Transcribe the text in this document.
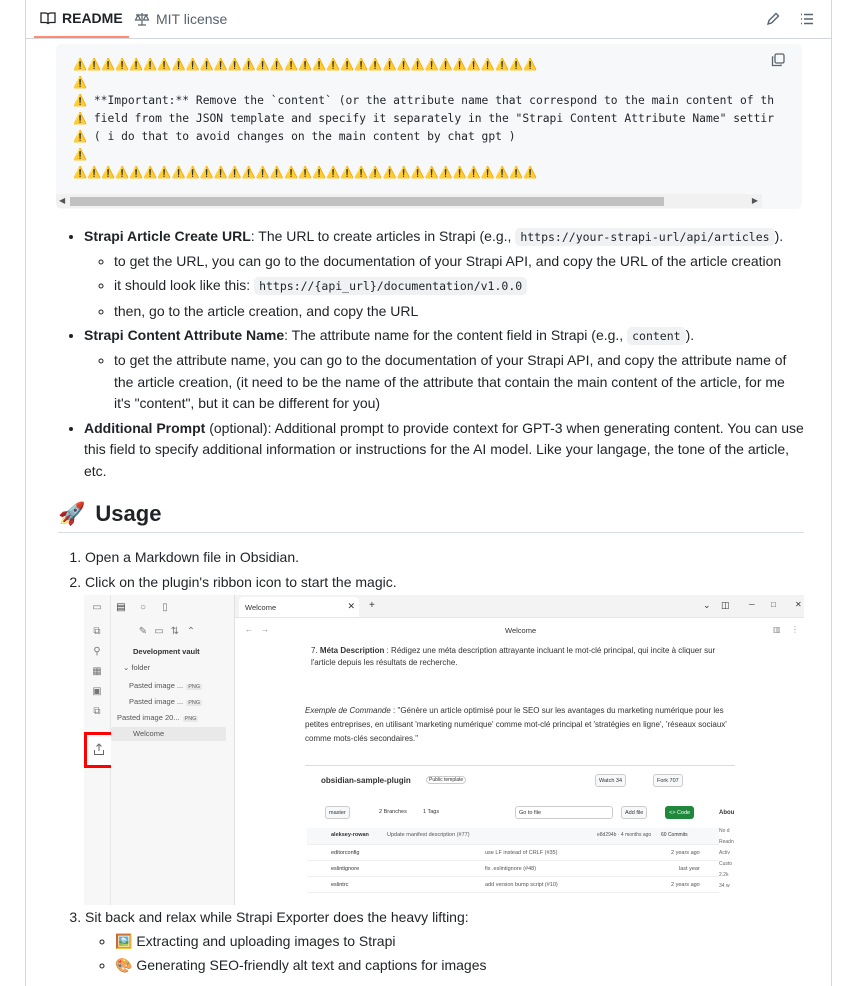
README MIT license
⚠️⚠️⚠️⚠️⚠️⚠️⚠️⚠️⚠️⚠️⚠️⚠️⚠️⚠️⚠️⚠️⚠️⚠️⚠️⚠️⚠️⚠️⚠️⚠️⚠️⚠️⚠️⚠️⚠️⚠️⚠️⚠️⚠️
⚠️
⚠️ **Important:** Remove the `content` (or the attribute name that correspond to the main content of th
⚠️ field from the JSON template and specify it separately in the "Strapi Content Attribute Name" settir
⚠️ ( i do that to avoid changes on the main content by chat gpt )
⚠️
⚠️⚠️⚠️⚠️⚠️⚠️⚠️⚠️⚠️⚠️⚠️⚠️⚠️⚠️⚠️⚠️⚠️⚠️⚠️⚠️⚠️⚠️⚠️⚠️⚠️⚠️⚠️⚠️⚠️⚠️⚠️⚠️⚠️
◀	▶
• Strapi Article Create URL: The URL to create articles in Strapi (e.g., https://your-strapi-url/api/articles ).
◦ to get the URL, you can go to the documentation of your Strapi API, and copy the URL of the article creation
◦ it should look like this: https://{api_url}/documentation/v1.0.0
◦ then, go to the article creation, and copy the URL
• Strapi Content Attribute Name: The attribute name for the content field in Strapi (e.g., content ).
◦ to get the attribute name, you can go to the documentation of your Strapi API, and copy the attribute name of the article creation, (it need to be the name of the attribute that contain the main content of the article, for me it's "content", but it can be different for you)
• Additional Prompt (optional): Additional prompt to provide context for GPT-3 when generating content. You can use this field to specify additional information or instructions for the AI model. Like your langage, the tone of the article, etc.
🚀 Usage
1. Open a Markdown file in Obsidian.
2. Click on the plugin's ribbon icon to start the magic.
3. Sit back and relax while Strapi Exporter does the heavy lifting:
◦ 🖼️ Extracting and uploading images to Strapi
◦ 🎨 Generating SEO-friendly alt text and captions for images
▭
⧉
⚲
▦
▣
⧉
▤ ○	▯
✎ ▭ ⇅ ⌃
Development vault
⌄ folder
Pasted image ... PNG
Pasted image ... PNG
Pasted image 20... PNG
Welcome
Welcome	✕ +	⌄ ◫ ─ □ ✕
← →	Welcome	▥ ⋮
7. Méta Description : Rédigez une méta description attrayante incluant le mot-clé principal, qui incite à cliquer sur l'article depuis les résultats de recherche.
Exemple de Commande : "Génère un article optimisé pour le SEO sur les avantages du marketing numérique pour les petites entreprises, en utilisant 'marketing numérique' comme mot-clé principal et 'stratégies en ligne', 'réseaux sociaux' comme mots-clés secondaires."
obsidian-sample-plugin	Public template	Watch
34	Fork
707
master	2 Branches	1 Tags	Go to file	Add file	<> Code	Abou
aleksey-rowan	Update manifest description (#77)	e8d294b · 4 months ago 60 Commits
editorconfig	use LF instead of CRLF (#35)	2 years ago
eslintignore	fix .eslintignore (#48)	last year
eslintrc	add version bump script (#10)	2 years ago
No d
Readn
Activ
Custo
2.2k
34 w
